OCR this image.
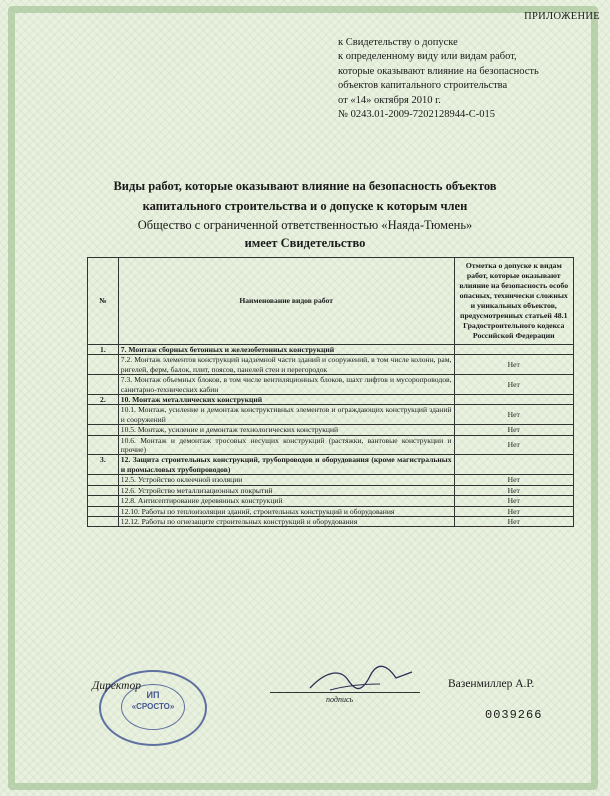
ПРИЛОЖЕНИЕ
к Свидетельству о допуске
к определенному виду или видам работ,
которые оказывают влияние на безопасность
объектов капитального строительства
от «14» октября 2010 г.
№ 0243.01-2009-7202128944-С-015
Виды работ, которые оказывают влияние на безопасность объектов
капитального строительства и о допуске к которым член
Общество с ограниченной ответственностью «Наяда-Тюмень»
имеет Свидетельство
№	Наименование видов работ	Отметка о допуске к видам работ, которые оказывают влияние на безопасность особо опасных, технически сложных и уникальных объектов, предусмотренных статьей 48.1 Градостроительного кодекса Российской Федерации
1.	7. Монтаж сборных бетонных и железобетонных конструкций	
	7.2. Монтаж элементов конструкций надземной части зданий и сооружений, в том числе колонн, рам, ригелей, ферм, балок, плит, поясов, панелей стен и перегородок	Нет
	7.3. Монтаж объемных блоков, в том числе вентиляционных блоков, шахт лифтов и мусоропроводов, санитарно-технических кабин	Нет
2.	10. Монтаж металлических конструкций	
	10.1. Монтаж, усиление и демонтаж конструктивных элементов и ограждающих конструкций зданий и сооружений	Нет
	10.5. Монтаж, усиление и демонтаж технологических конструкций	Нет
	10.6. Монтаж и демонтаж тросовых несущих конструкций (растяжки, вантовые конструкции и прочие)	Нет
3.	12. Защита строительных конструкций, трубопроводов и оборудования (кроме магистральных и промысловых трубопроводов)	
	12.5. Устройство оклеечной изоляции	Нет
	12.6. Устройство металлизационных покрытий	Нет
	12.8. Антисептирование деревянных конструкций	Нет
	12.10. Работы по теплоизоляции зданий, строительных конструкций и оборудования	Нет
	12.12. Работы по огнезащите строительных конструкций и оборудования	Нет
ИП
«СРОСТО»
Директор
подпись
Вазенмиллер А.Р.
0039266
